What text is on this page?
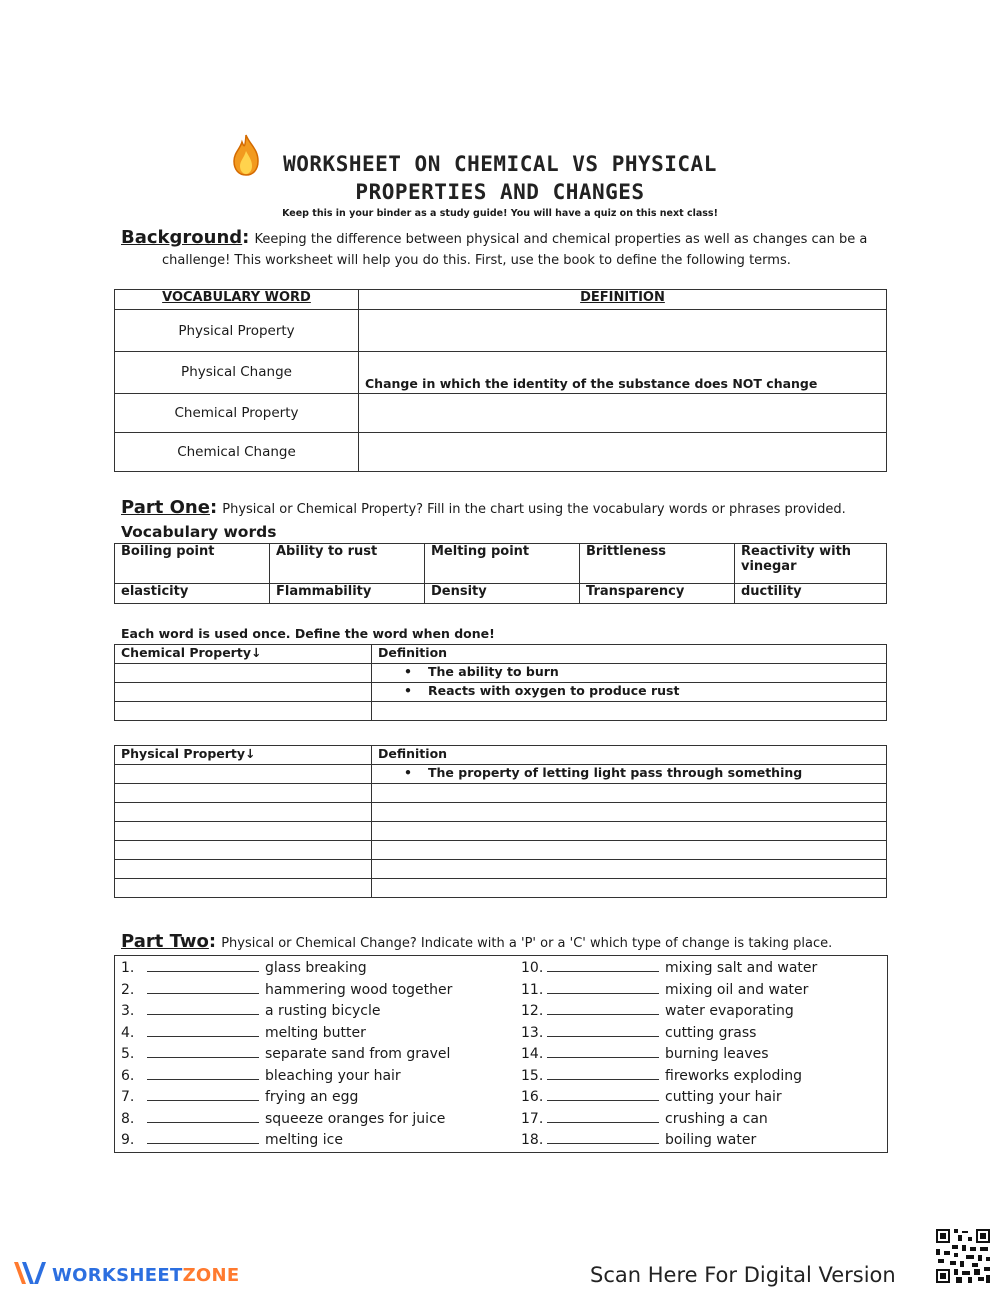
WORKSHEET ON CHEMICAL VS PHYSICAL
PROPERTIES AND CHANGES
Keep this in your binder as a study guide! You will have a quiz on this next class!
Background: Keeping the difference between physical and chemical properties as well as changes can be a
challenge! This worksheet will help you do this. First, use the book to define the following terms.
VOCABULARY WORD	DEFINITION
Physical Property	
Physical Change	Change in which the identity of the substance does NOT change
Chemical Property	
Chemical Change	
Part One: Physical or Chemical Property? Fill in the chart using the vocabulary words or phrases provided.
Vocabulary words
Boiling point	Ability to rust	Melting point	Brittleness	Reactivity with vinegar
elasticity	Flammability	Density	Transparency	ductility
Each word is used once. Define the word when done!
Chemical Property↓	Definition
	• The ability to burn
	• Reacts with oxygen to produce rust

Physical Property↓	Definition
	• The property of letting light pass through something

Part Two: Physical or Chemical Change? Indicate with a 'P' or a 'C' which type of change is taking place.
1.	glass breaking
2.	hammering wood together
3.	a rusting bicycle
4.	melting butter
5.	separate sand from gravel
6.	bleaching your hair
7.	frying an egg
8.	squeeze oranges for juice
9.	melting ice
10.	mixing salt and water
11.	mixing oil and water
12.	water evaporating
13.	cutting grass
14.	burning leaves
15.	fireworks exploding
16.	cutting your hair
17.	crushing a can
18.	boiling water
WORKSHEETZONE	Scan Here For Digital Version
